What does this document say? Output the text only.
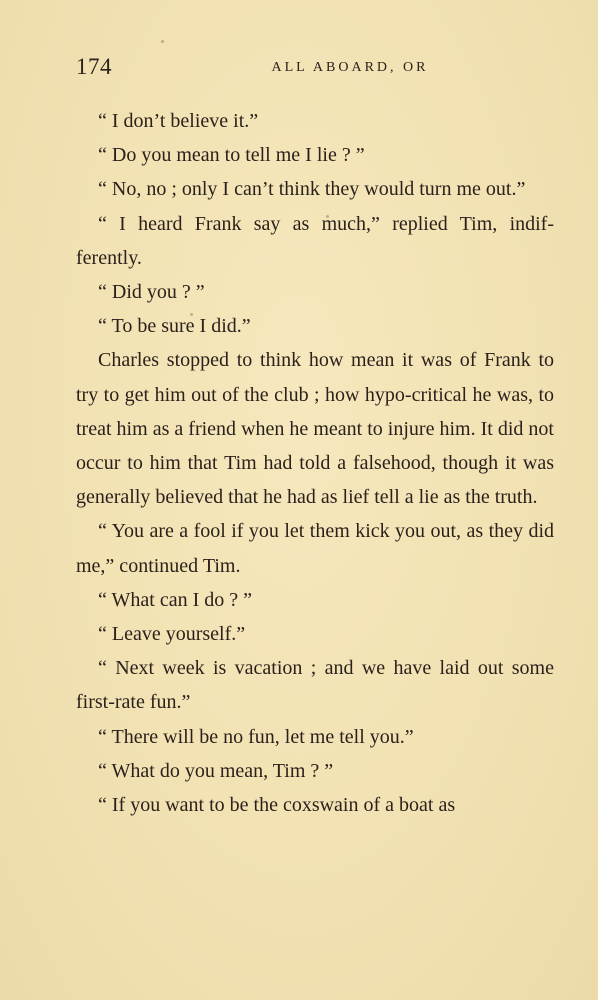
174	ALL ABOARD, OR

“ I don’t believe it.”

“ Do you mean to tell me I lie ? ”

“ No, no ; only I can’t think they would turn me out.”

“ I heard Frank say as much,” replied Tim, indif-ferently.

“ Did you ? ”

“ To be sure I did.”

Charles stopped to think how mean it was of Frank to try to get him out of the club ; how hypo-critical he was, to treat him as a friend when he meant to injure him. It did not occur to him that Tim had told a falsehood, though it was generally believed that he had as lief tell a lie as the truth.

“ You are a fool if you let them kick you out, as they did me,” continued Tim.

“ What can I do ? ”

“ Leave yourself.”

“ Next week is vacation ; and we have laid out some first-rate fun.”

“ There will be no fun, let me tell you.”

“ What do you mean, Tim ? ”

“ If you want to be the coxswain of a boat as
